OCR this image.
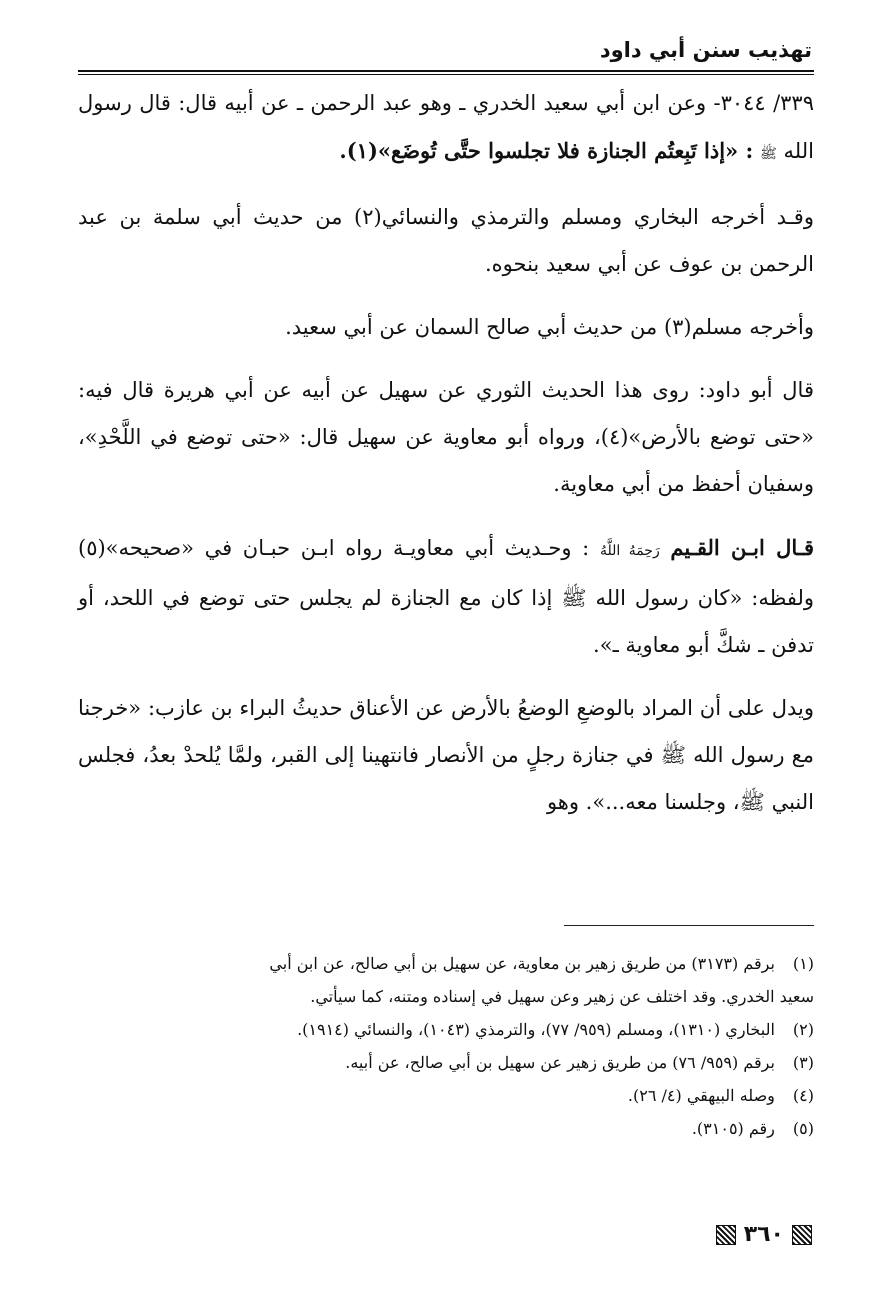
تهذيب سنن أبي داود

٣٣٩/ ٣٠٤٤- وعن ابن أبي سعيد الخدري ـ وهو عبد الرحمن ـ عن أبيه قال: قال رسول الله ﷺ : «إذا تَبِعتُم الجنازة فلا تجلسوا حتَّى تُوضَع»(١).

وقـد أخرجه البخاري ومسلم والترمذي والنسائي(٢) من حديث أبي سلمة بن عبد الرحمن بن عوف عن أبي سعيد بنحوه.

وأخرجه مسلم(٣) من حديث أبي صالح السمان عن أبي سعيد.

قال أبو داود: روى هذا الحديث الثوري عن سهيل عن أبيه عن أبي هريرة قال فيه: «حتى توضع بالأرض»(٤)، ورواه أبو معاوية عن سهيل قال: «حتى توضع في اللَّحْدِ»، وسفيان أحفظ من أبي معاوية.

قـال ابـن القـيم رَحِمَهُ اللَّهُ : وحـديث أبي معاويـة رواه ابـن حبـان في «صحيحه»(٥) ولفظه: «كان رسول الله ﷺ إذا كان مع الجنازة لم يجلس حتى توضع في اللحد، أو تدفن ـ شكَّ أبو معاوية ـ».

ويدل على أن المراد بالوضعِ الوضعُ بالأرض عن الأعناق حديثُ البراء بن عازب: «خرجنا مع رسول الله ﷺ في جنازة رجلٍ من الأنصار فانتهينا إلى القبر، ولمَّا يُلحدْ بعدُ، فجلس النبي ﷺ، وجلسنا معه...». وهو

(١) برقم (٣١٧٣) من طريق زهير بن معاوية، عن سهيل بن أبي صالح، عن ابن أبي

سعيد الخدري. وقد اختلف عن زهير وعن سهيل في إسناده ومتنه، كما سيأتي.

(٢) البخاري (١٣١٠)، ومسلم (٩٥٩/ ٧٧)، والترمذي (١٠٤٣)، والنسائي (١٩١٤).

(٣) برقم (٩٥٩/ ٧٦) من طريق زهير عن سهيل بن أبي صالح، عن أبيه.

(٤) وصله البيهقي (٤/ ٢٦).

(٥) رقم (٣١٠٥).

٣٦٠
